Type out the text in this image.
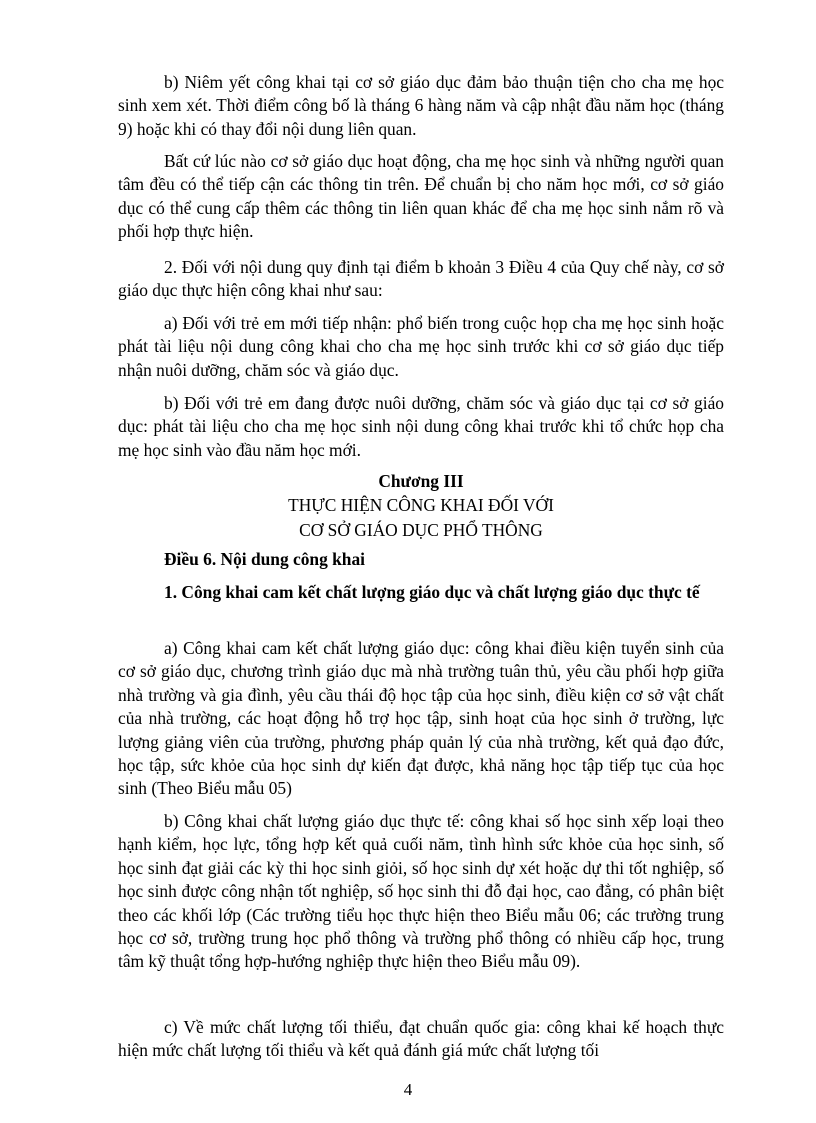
b) Niêm yết công khai tại cơ sở giáo dục đảm bảo thuận tiện cho cha mẹ học sinh xem xét. Thời điểm công bố là tháng 6 hàng năm và cập nhật đầu năm học (tháng 9) hoặc khi có thay đổi nội dung liên quan.

Bất cứ lúc nào cơ sở giáo dục hoạt động, cha mẹ học sinh và những người quan tâm đều có thể tiếp cận các thông tin trên. Để chuẩn bị cho năm học mới, cơ sở giáo dục có thể cung cấp thêm các thông tin liên quan khác để cha mẹ học sinh nắm rõ và phối hợp thực hiện.

2. Đối với nội dung quy định tại điểm b khoản 3 Điều 4 của Quy chế này, cơ sở giáo dục thực hiện công khai như sau:

a) Đối với trẻ em mới tiếp nhận: phổ biến trong cuộc họp cha mẹ học sinh hoặc phát tài liệu nội dung công khai cho cha mẹ học sinh trước khi cơ sở giáo dục tiếp nhận nuôi dưỡng, chăm sóc và giáo dục.

b) Đối với trẻ em đang được nuôi dưỡng, chăm sóc và giáo dục tại cơ sở giáo dục: phát tài liệu cho cha mẹ học sinh nội dung công khai trước khi tổ chức họp cha mẹ học sinh vào đầu năm học mới.

Chương III

THỰC HIỆN CÔNG KHAI ĐỐI VỚI

CƠ SỞ GIÁO DỤC PHỔ THÔNG

Điều 6. Nội dung công khai

1. Công khai cam kết chất lượng giáo dục và chất lượng giáo dục thực tế

a) Công khai cam kết chất lượng giáo dục: công khai điều kiện tuyển sinh của cơ sở giáo dục, chương trình giáo dục mà nhà trường tuân thủ, yêu cầu phối hợp giữa nhà trường và gia đình, yêu cầu thái độ học tập của học sinh, điều kiện cơ sở vật chất của nhà trường, các hoạt động hỗ trợ học tập, sinh hoạt của học sinh ở trường, lực lượng giảng viên của trường, phương pháp quản lý của nhà trường, kết quả đạo đức, học tập, sức khỏe của học sinh dự kiến đạt được, khả năng học tập tiếp tục của học sinh (Theo Biểu mẫu 05)

b) Công khai chất lượng giáo dục thực tế: công khai số học sinh xếp loại theo hạnh kiểm, học lực, tổng hợp kết quả cuối năm, tình hình sức khỏe của học sinh, số học sinh đạt giải các kỳ thi học sinh giỏi, số học sinh dự xét hoặc dự thi tốt nghiệp, số học sinh được công nhận tốt nghiệp, số học sinh thi đỗ đại học, cao đẳng, có phân biệt theo các khối lớp (Các trường tiểu học thực hiện theo Biểu mẫu 06; các trường trung học cơ sở, trường trung học phổ thông và trường phổ thông có nhiều cấp học, trung tâm kỹ thuật tổng hợp-hướng nghiệp thực hiện theo Biểu mẫu 09).

c) Về mức chất lượng tối thiểu, đạt chuẩn quốc gia: công khai kế hoạch thực hiện mức chất lượng tối thiểu và kết quả đánh giá mức chất lượng tối

4
